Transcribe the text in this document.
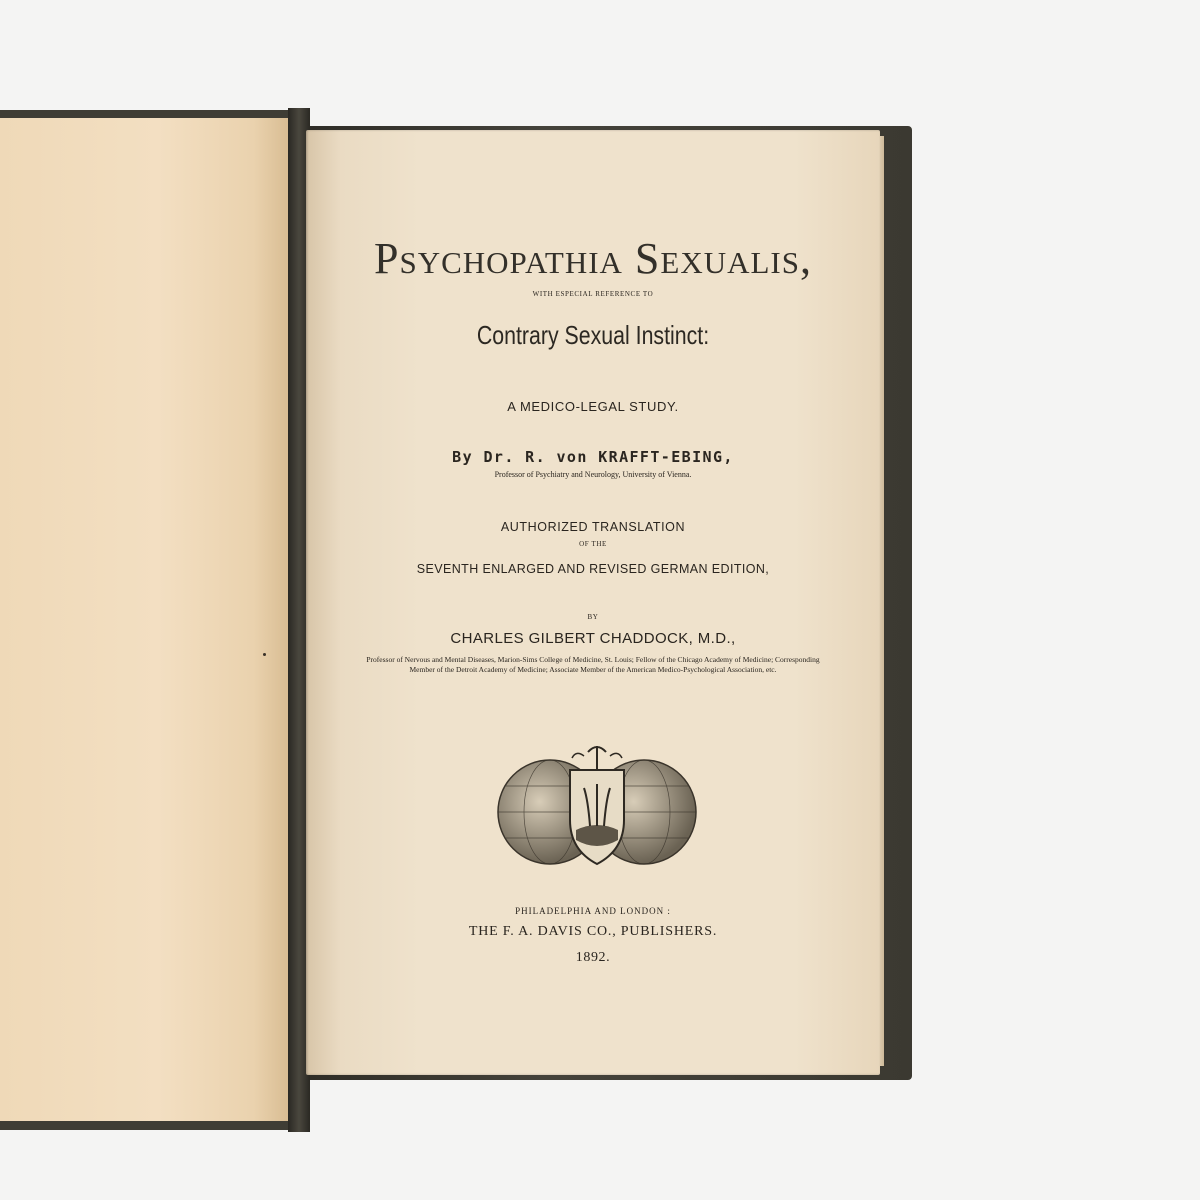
Psychopathia Sexualis,
WITH ESPECIAL REFERENCE TO
Contrary Sexual Instinct:
A MEDICO-LEGAL STUDY.
By Dr. R. von KRAFFT-EBING,
Professor of Psychiatry and Neurology, University of Vienna.
AUTHORIZED TRANSLATION
OF THE
SEVENTH ENLARGED AND REVISED GERMAN EDITION,
BY
CHARLES GILBERT CHADDOCK, M.D.,
Professor of Nervous and Mental Diseases, Marion-Sims College of Medicine, St. Louis; Fellow of the Chicago Academy of Medicine; Corresponding Member of the Detroit Academy of Medicine; Associate Member of the American Medico-Psychological Association, etc.
PHILADELPHIA AND LONDON :
THE F. A. DAVIS CO., PUBLISHERS.
1892.
